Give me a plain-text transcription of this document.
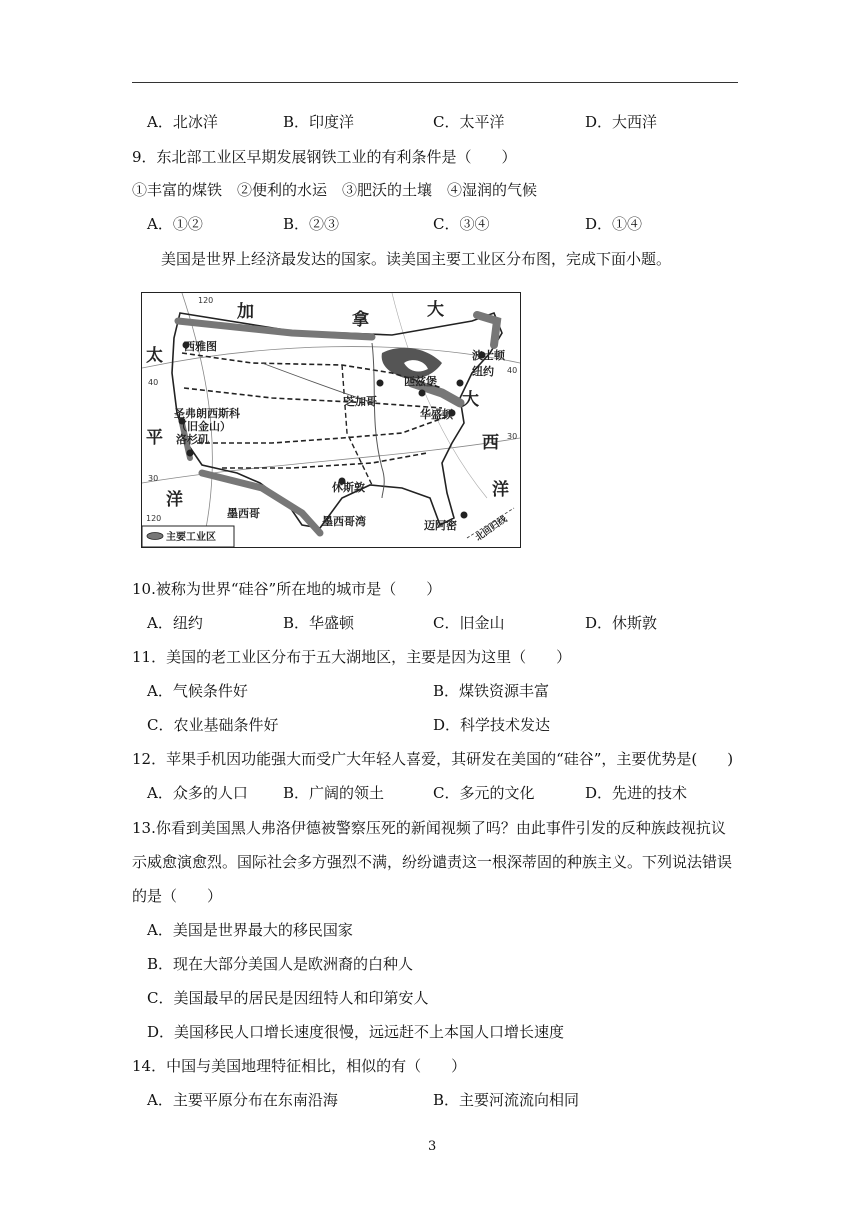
A．北冰洋	B．印度洋	C．太平洋	D．大西洋
9．东北部工业区早期发展钢铁工业的有利条件是（　　）
①丰富的煤铁　②便利的水运　③肥沃的土壤　④湿润的气候
A．①②	B．②③	C．③④	D．①④
美国是世界上经济最发达的国家。读美国主要工业区分布图，完成下面小题。
加	拿	大
太
平
洋
大
西
洋
西雅图
圣弗朗西斯科
（旧金山）
洛杉矶
芝加哥
匹兹堡
波士顿
纽约
华盛顿
休斯敦
迈阿密
墨西哥
墨西哥湾	北回归线
120
120
40
40
30
30
主要工业区
10.被称为世界“硅谷”所在地的城市是（　　）
A．纽约	B．华盛顿	C．旧金山	D．休斯敦
11．美国的老工业区分布于五大湖地区，主要是因为这里（　　）
A．气候条件好	B．煤铁资源丰富
C．农业基础条件好	D．科学技术发达
12．苹果手机因功能强大而受广大年轻人喜爱，其研发在美国的“硅谷”，主要优势是(　　)
A．众多的人口 B．广阔的领土	C．多元的文化	D．先进的技术
13.你看到美国黑人弗洛伊德被警察压死的新闻视频了吗？由此事件引发的反种族歧视抗议
示威愈演愈烈。国际社会多方强烈不满，纷纷谴责这一根深蒂固的种族主义。下列说法错误
的是（　　）
A．美国是世界最大的移民国家
B．现在大部分美国人是欧洲裔的白种人
C．美国最早的居民是因纽特人和印第安人
D．美国移民人口增长速度很慢，远远赶不上本国人口增长速度
14．中国与美国地理特征相比，相似的有（　　）
A．主要平原分布在东南沿海	B．主要河流流向相同
3
